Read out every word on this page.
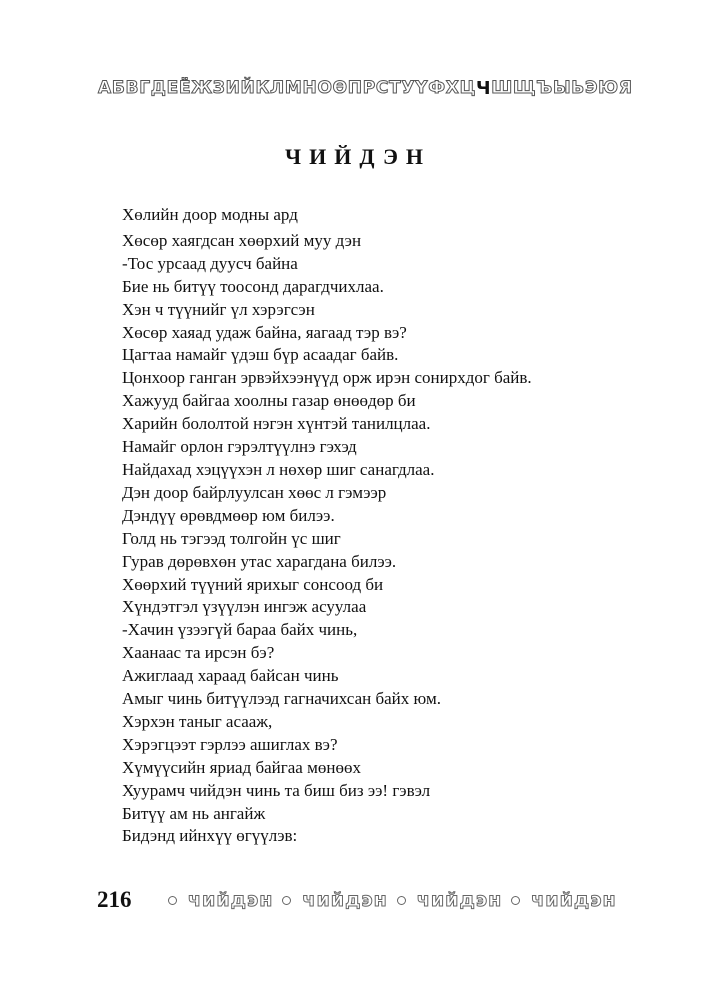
А Б В Г Д Е Ё Ж З И Й К Л М Н О Ө П Р С Т У Ү Ф Х Ц Ч Ш Щ Ъ Ы Ь Э Ю Я
ЧИЙДЭН
Хөлийн доор модны ард
Хөсөр хаягдсан хөөрхий муу дэн
-Тос урсаад дуусч байна
Бие нь битүү тоосонд дарагдчихлаа.
Хэн ч түүнийг үл хэрэгсэн
Хөсөр хаяад удаж байна, яагаад тэр вэ?
Цагтаа намайг үдэш бүр асаадаг байв.
Цонхоор ганган эрвэйхээнүүд орж ирэн сонирхдог байв.
Хажууд байгаа хоолны газар өнөөдөр би
Харийн бололтой нэгэн хүнтэй танилцлаа.
Намайг орлон гэрэлтүүлнэ гэхэд
Найдахад хэцүүхэн л нөхөр шиг санагдлаа.
Дэн доор байрлуулсан хөөс л гэмээр
Дэндүү өрөвдмөөр юм билээ.
Голд нь тэгээд толгойн үс шиг
Гурав дөрөвхөн утас харагдана билээ.
Хөөрхий түүний ярихыг сонсоод би
Хүндэтгэл үзүүлэн ингэж асуулаа
-Хачин үзээгүй бараа байх чинь,
Хаанаас та ирсэн бэ?
Ажиглаад хараад байсан чинь
Амыг чинь битүүлээд гагначихсан байх юм.
Хэрхэн таныг асааж,
Хэрэгцээт гэрлээ ашиглах вэ?
Хүмүүсийн яриад байгаа мөнөөх
Хуурамч чийдэн чинь та биш биз ээ! гэвэл
Битүү ам нь ангайж
Бидэнд ийнхүү өгүүлэв:
216	чийдэн чийдэн чийдэн чийдэн
